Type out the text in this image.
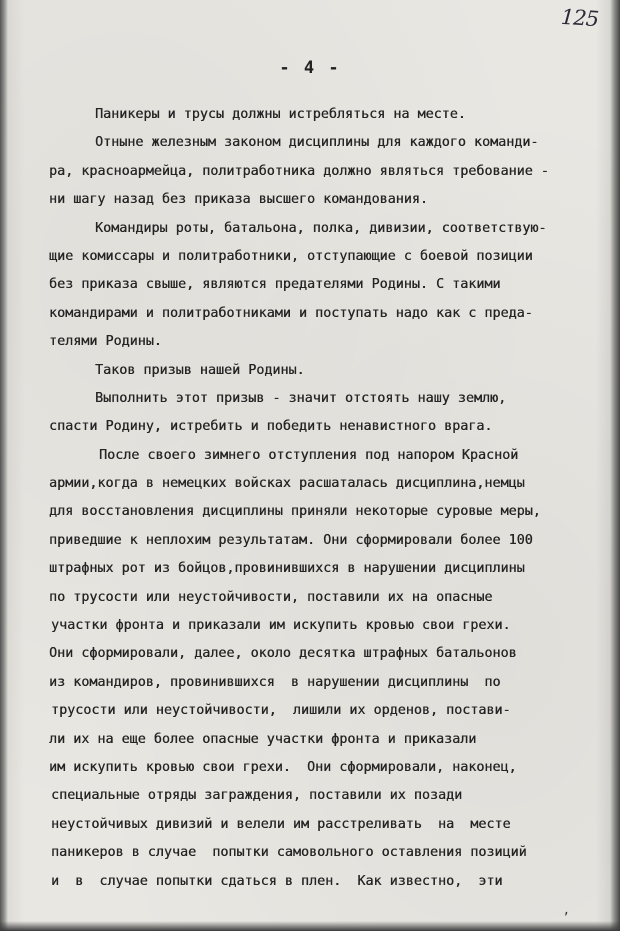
125
- 4 -
Паникеры и трусы должны истребляться на месте.
Отныне железным законом дисциплины для каждого команди-
ра, красноармейца, политработника должно являться требование -
ни шагу назад без приказа высшего командования.
Командиры роты, батальона, полка, дивизии, соответствую-
щие комиссары и политработники, отступающие с боевой позиции
без приказа свыше, являются предателями Родины. С такими
командирами и политработниками и поступать надо как с преда-
телями Родины.
Таков призыв нашей Родины.
Выполнить этот призыв - значит отстоять нашу землю,
спасти Родину, истребить и победить ненавистного врага.
После своего зимнего отступления под напором Красной
армии,когда в немецких войсках расшаталась дисциплина,немцы
для восстановления дисциплины приняли некоторые суровые меры,
приведшие к неплохим результатам. Они сформировали более 100
штрафных рот из бойцов,провинившихся в нарушении дисциплины
по трусости или неустойчивости, поставили их на опасные
участки фронта и приказали им искупить кровью свои грехи.
Они сформировали, далее, около десятка штрафных батальонов
из командиров, провинившихся  в нарушении дисциплины  по
трусости или неустойчивости,  лишили их орденов, постави-
ли их на еще более опасные участки фронта и приказали
им искупить кровью свои грехи.  Они сформировали, наконец,
специальные отряды заграждения, поставили их позади
неустойчивых дивизий и велели им расстреливать  на  месте
паникеров в случае  попытки самовольного оставления позиций
и  в  случае попытки сдаться в плен.  Как известно,  эти
,
